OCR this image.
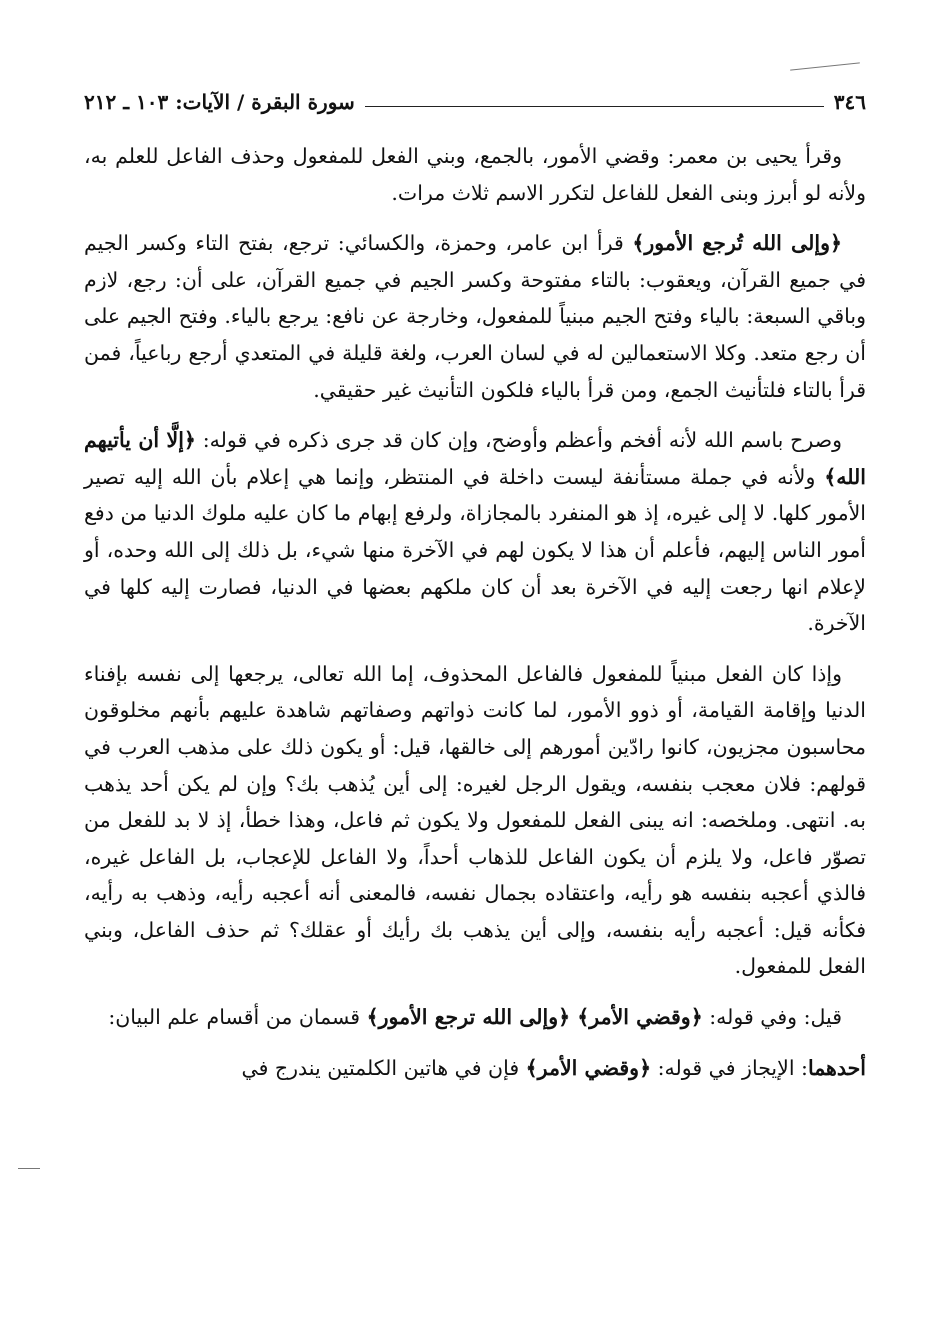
٣٤٦
سورة البقرة / الآيات: ١٠٣ ـ ٢١٢

وقرأ يحيى بن معمر: وقضي الأمور، بالجمع، وبني الفعل للمفعول وحذف الفاعل للعلم به، ولأنه لو أبرز وبنى الفعل للفاعل لتكرر الاسم ثلاث مرات.

﴿وإلى الله تُرجع الأمور﴾ قرأ ابن عامر، وحمزة، والكسائي: ترجع، بفتح التاء وكسر الجيم في جميع القرآن، ويعقوب: بالتاء مفتوحة وكسر الجيم في جميع القرآن، على أن: رجع، لازم وباقي السبعة: بالياء وفتح الجيم مبنياً للمفعول، وخارجة عن نافع: يرجع بالياء. وفتح الجيم على أن رجع متعد. وكلا الاستعمالين له في لسان العرب، ولغة قليلة في المتعدي أرجع رباعياً، فمن قرأ بالتاء فلتأنيث الجمع، ومن قرأ بالياء فلكون التأنيث غير حقيقي.

وصرح باسم الله لأنه أفخم وأعظم وأوضح، وإن كان قد جرى ذكره في قوله: ﴿إلَّا أن يأتيهم الله﴾ ولأنه في جملة مستأنفة ليست داخلة في المنتظر، وإنما هي إعلام بأن الله إليه تصير الأمور كلها. لا إلى غيره، إذ هو المنفرد بالمجازاة، ولرفع إبهام ما كان عليه ملوك الدنيا من دفع أمور الناس إليهم، فأعلم أن هذا لا يكون لهم في الآخرة منها شيء، بل ذلك إلى الله وحده، أو لإعلام انها رجعت إليه في الآخرة بعد أن كان ملكهم بعضها في الدنيا، فصارت إليه كلها في الآخرة.

وإذا كان الفعل مبنياً للمفعول فالفاعل المحذوف، إما الله تعالى، يرجعها إلى نفسه بإفناء الدنيا وإقامة القيامة، أو ذوو الأمور، لما كانت ذواتهم وصفاتهم شاهدة عليهم بأنهم مخلوقون محاسبون مجزيون، كانوا رادّين أمورهم إلى خالقها، قيل: أو يكون ذلك على مذهب العرب في قولهم: فلان معجب بنفسه، ويقول الرجل لغيره: إلى أين يُذهب بك؟ وإن لم يكن أحد يذهب به. انتهى. وملخصه: انه يبنى الفعل للمفعول ولا يكون ثم فاعل، وهذا خطأ، إذ لا بد للفعل من تصوّر فاعل، ولا يلزم أن يكون الفاعل للذهاب أحداً، ولا الفاعل للإعجاب، بل الفاعل غيره، فالذي أعجبه بنفسه هو رأيه، واعتقاده بجمال نفسه، فالمعنى أنه أعجبه رأيه، وذهب به رأيه، فكأنه قيل: أعجبه رأيه بنفسه، وإلى أين يذهب بك رأيك أو عقلك؟ ثم حذف الفاعل، وبني الفعل للمفعول.

قيل: وفي قوله: ﴿وقضي الأمر﴾ ﴿وإلى الله ترجع الأمور﴾ قسمان من أقسام علم البيان:

أحدهما: الإيجاز في قوله: ﴿وقضي الأمر﴾ فإن في هاتين الكلمتين يندرج في
